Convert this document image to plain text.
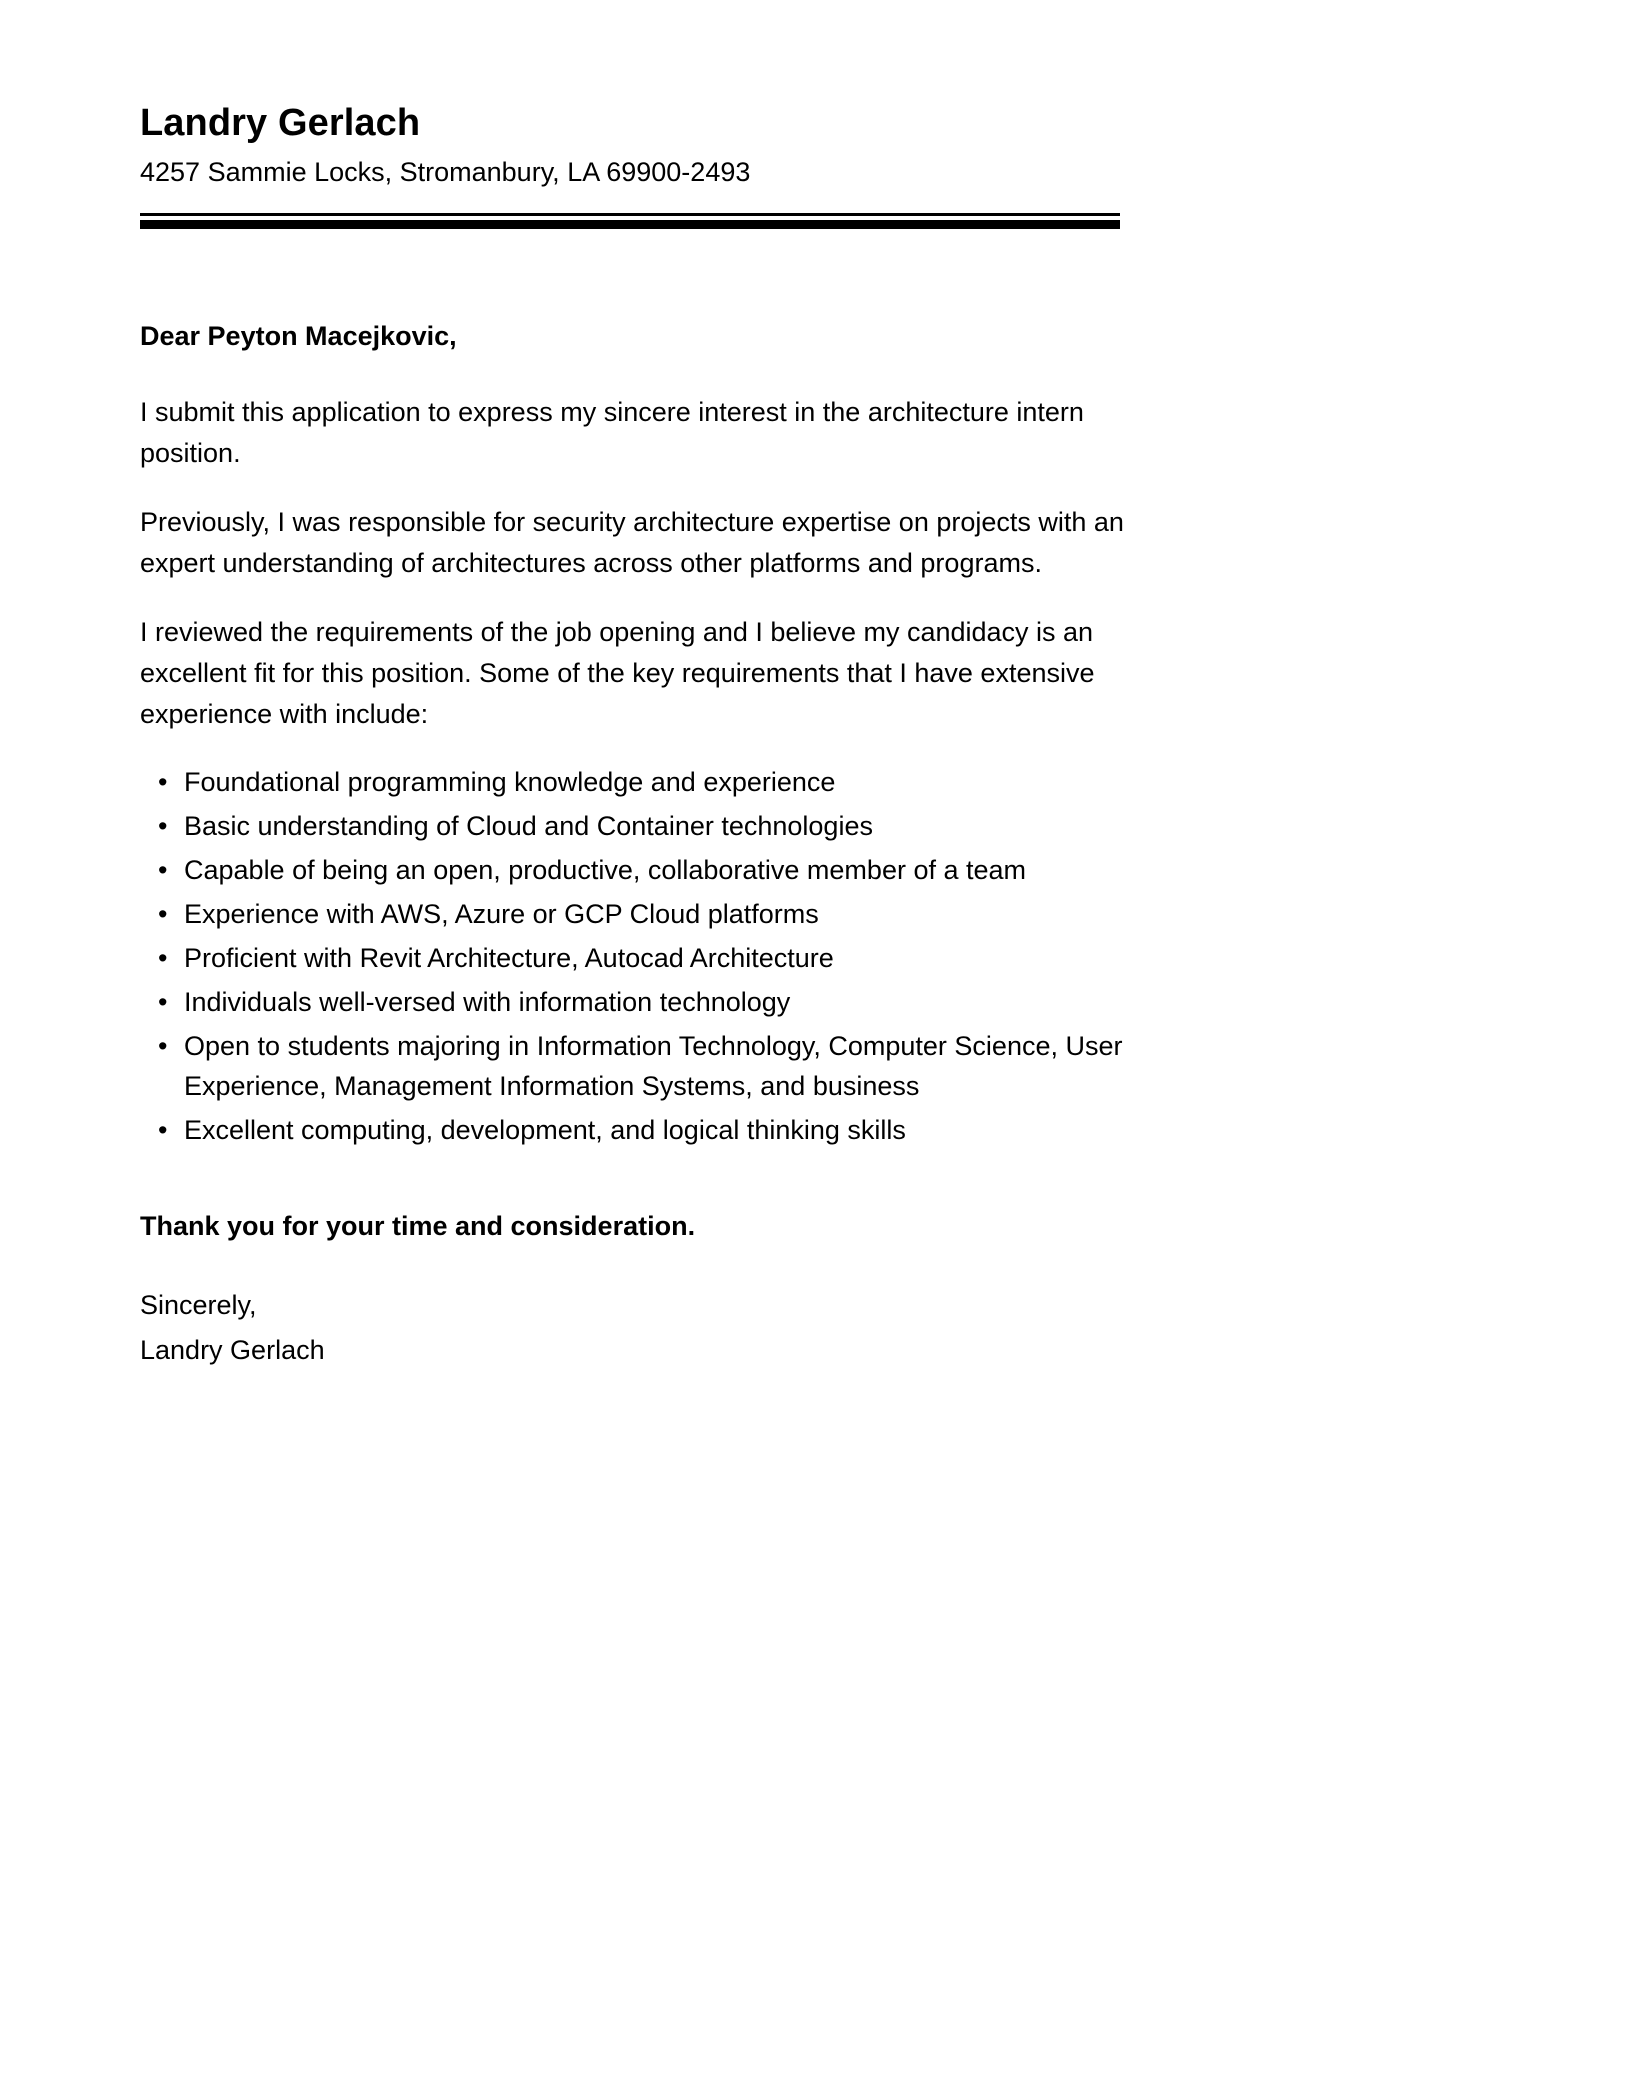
Landry Gerlach

4257 Sammie Locks, Stromanbury, LA 69900-2493

Dear Peyton Macejkovic,

I submit this application to express my sincere interest in the architecture intern position.

Previously, I was responsible for security architecture expertise on projects with an expert understanding of architectures across other platforms and programs.

I reviewed the requirements of the job opening and I believe my candidacy is an excellent fit for this position. Some of the key requirements that I have extensive experience with include:

• Foundational programming knowledge and experience
• Basic understanding of Cloud and Container technologies
• Capable of being an open, productive, collaborative member of a team
• Experience with AWS, Azure or GCP Cloud platforms
• Proficient with Revit Architecture, Autocad Architecture
• Individuals well-versed with information technology
• Open to students majoring in Information Technology, Computer Science, User Experience, Management Information Systems, and business
• Excellent computing, development, and logical thinking skills

Thank you for your time and consideration.

Sincerely,

Landry Gerlach
